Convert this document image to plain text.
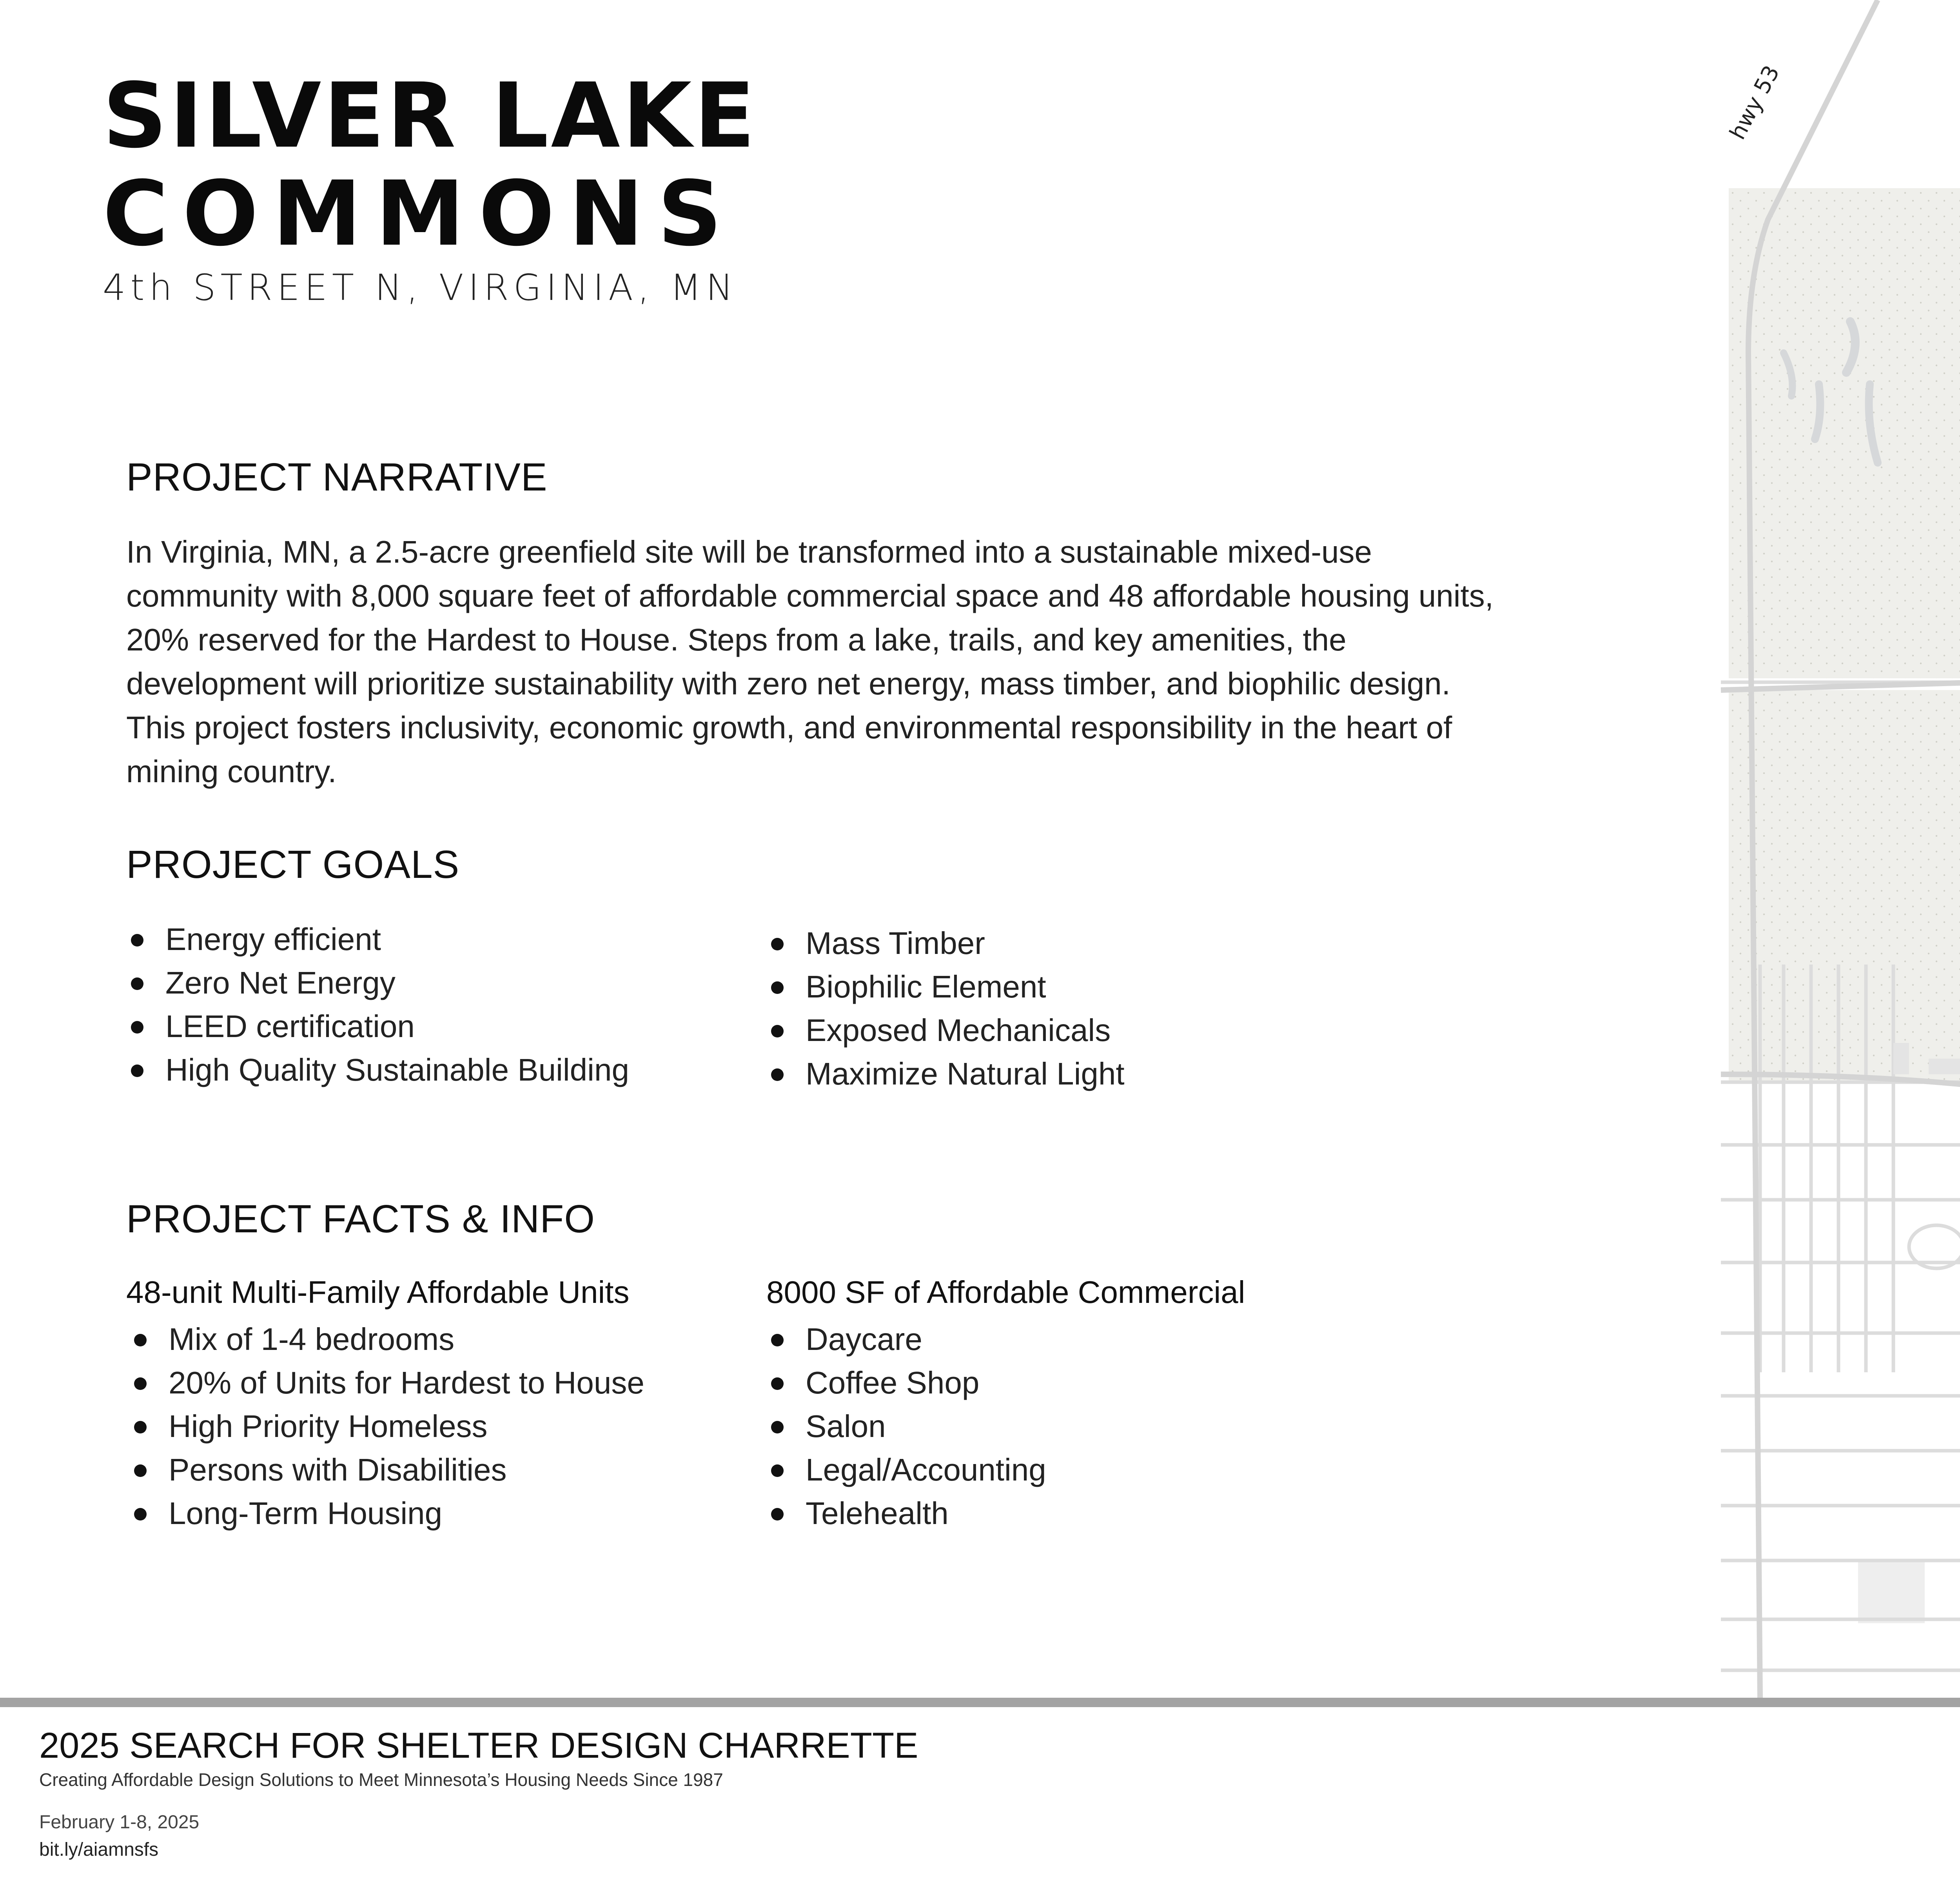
SILVER LAKE
COMMONS
4th STREET N, VIRGINIA, MN
PROJECT NARRATIVE
In Virginia, MN, a 2.5-acre greenfield site will be transformed into a sustainable mixed-use community with 8,000 square feet of affordable commercial space and 48 affordable housing units, 20% reserved for the Hardest to House. Steps from a lake, trails, and key amenities, the development will prioritize sustainability with zero net energy, mass timber, and biophilic design. This project fosters inclusivity, economic growth, and environmental responsibility in the heart of mining country.
PROJECT GOALS
Energy efficient
Zero Net Energy
LEED certification
High Quality Sustainable Building
Mass Timber
Biophilic Element
Exposed Mechanicals
Maximize Natural Light
PROJECT FACTS & INFO
48-unit Multi-Family Affordable Units
Mix of 1-4 bedrooms
20% of Units for Hardest to House
High Priority Homeless
Persons with Disabilities
Long-Term Housing
8000 SF of Affordable Commercial
Daycare
Coffee Shop
Salon
Legal/Accounting
Telehealth
hwy 53
2025 SEARCH FOR SHELTER DESIGN CHARRETTE
Creating Affordable Design Solutions to Meet Minnesota’s Housing Needs Since 1987
February 1-8, 2025
bit.ly/aiamnsfs
